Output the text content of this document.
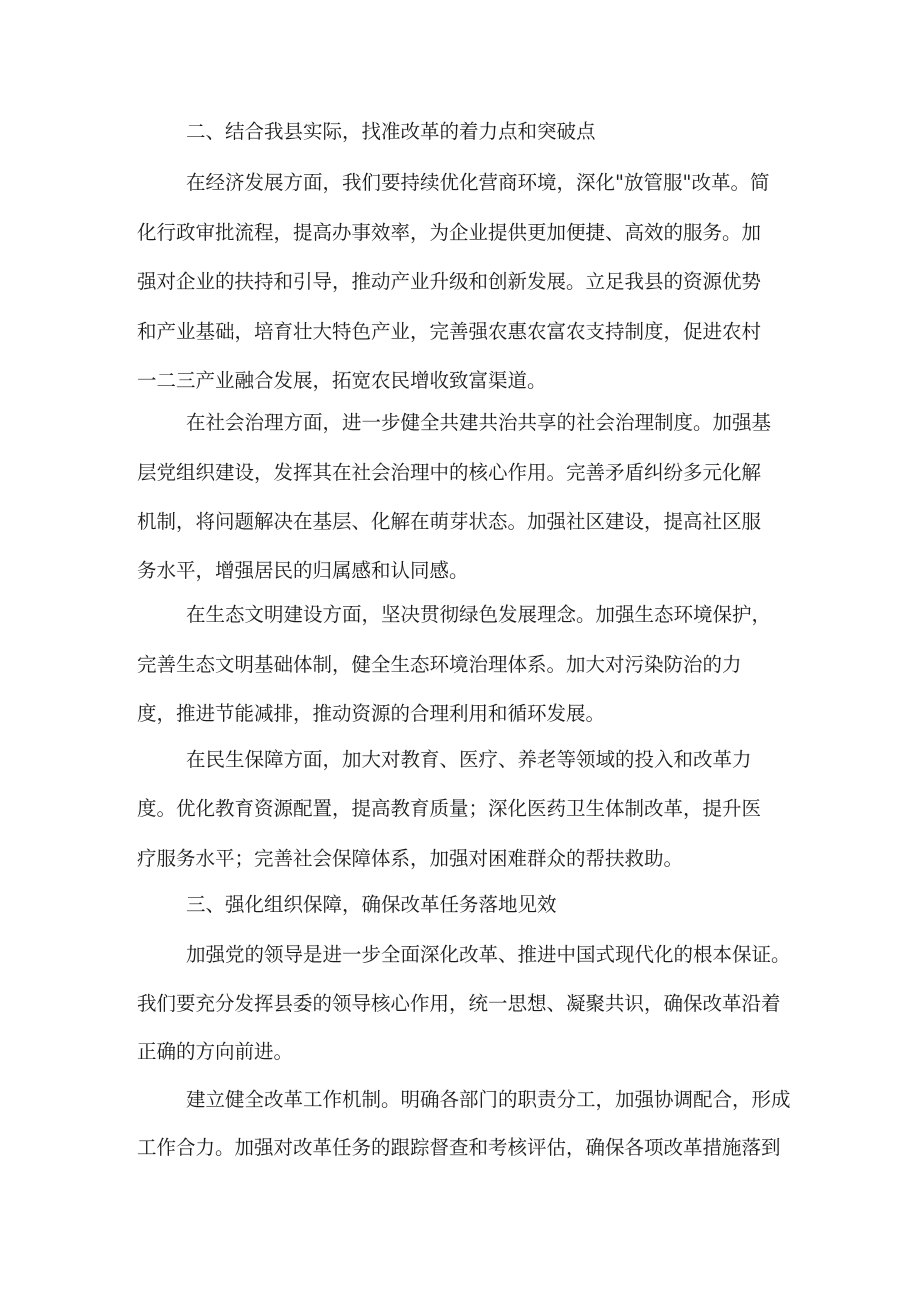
二、结合我县实际，找准改革的着力点和突破点

在经济发展方面，我们要持续优化营商环境，深化"放管服"改革。简

化行政审批流程，提高办事效率，为企业提供更加便捷、高效的服务。加

强对企业的扶持和引导，推动产业升级和创新发展。立足我县的资源优势

和产业基础，培育壮大特色产业，完善强农惠农富农支持制度，促进农村

一二三产业融合发展，拓宽农民增收致富渠道。

在社会治理方面，进一步健全共建共治共享的社会治理制度。加强基

层党组织建设，发挥其在社会治理中的核心作用。完善矛盾纠纷多元化解

机制，将问题解决在基层、化解在萌芽状态。加强社区建设，提高社区服

务水平，增强居民的归属感和认同感。

在生态文明建设方面，坚决贯彻绿色发展理念。加强生态环境保护，

完善生态文明基础体制，健全生态环境治理体系。加大对污染防治的力

度，推进节能减排，推动资源的合理利用和循环发展。

在民生保障方面，加大对教育、医疗、养老等领域的投入和改革力

度。优化教育资源配置，提高教育质量；深化医药卫生体制改革，提升医

疗服务水平；完善社会保障体系，加强对困难群众的帮扶救助。

三、强化组织保障，确保改革任务落地见效

加强党的领导是进一步全面深化改革、推进中国式现代化的根本保证。

我们要充分发挥县委的领导核心作用，统一思想、凝聚共识，确保改革沿着

正确的方向前进。

建立健全改革工作机制。明确各部门的职责分工，加强协调配合，形成

工作合力。加强对改革任务的跟踪督查和考核评估，确保各项改革措施落到
